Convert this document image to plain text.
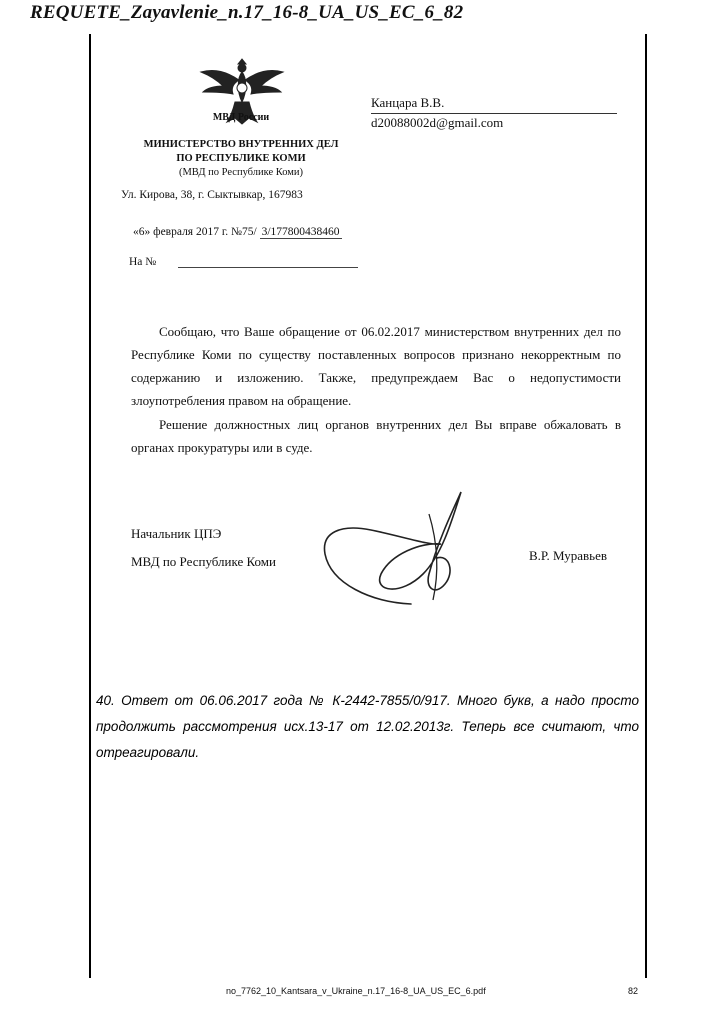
REQUETE_Zayavlenie_n.17_16-8_UA_US_EC_6_82
МВД России
МИНИСТЕРСТВО ВНУТРЕННИХ ДЕЛ
ПО РЕСПУБЛИКЕ КОМИ
(МВД по Республике Коми)
Ул. Кирова, 38, г. Сыктывкар, 167983
«6» февраля 2017 г. №75/ 3/177800438460
На №
Канцара В.В.
d20088002d@gmail.com

Сообщаю, что Ваше обращение от 06.02.2017 министерством внутренних дел по Республике Коми по существу поставленных вопросов признано некорректным по содержанию и изложению. Также, предупреждаем Вас о недопустимости злоупотребления правом на обращение.

Решение должностных лиц органов внутренних дел Вы вправе обжаловать в органах прокуратуры или в суде.

Начальник ЦПЭ
МВД по Республике Коми	В.Р. Муравьев
40. Ответ от 06.06.2017 года № К-2442-7855/0/917. Много букв, а надо просто продолжить рассмотрения исх.13-17 от 12.02.2013г. Теперь все считают, что отреагировали.
no_7762_10_Kantsara_v_Ukraine_n.17_16-8_UA_US_EC_6.pdf	82
